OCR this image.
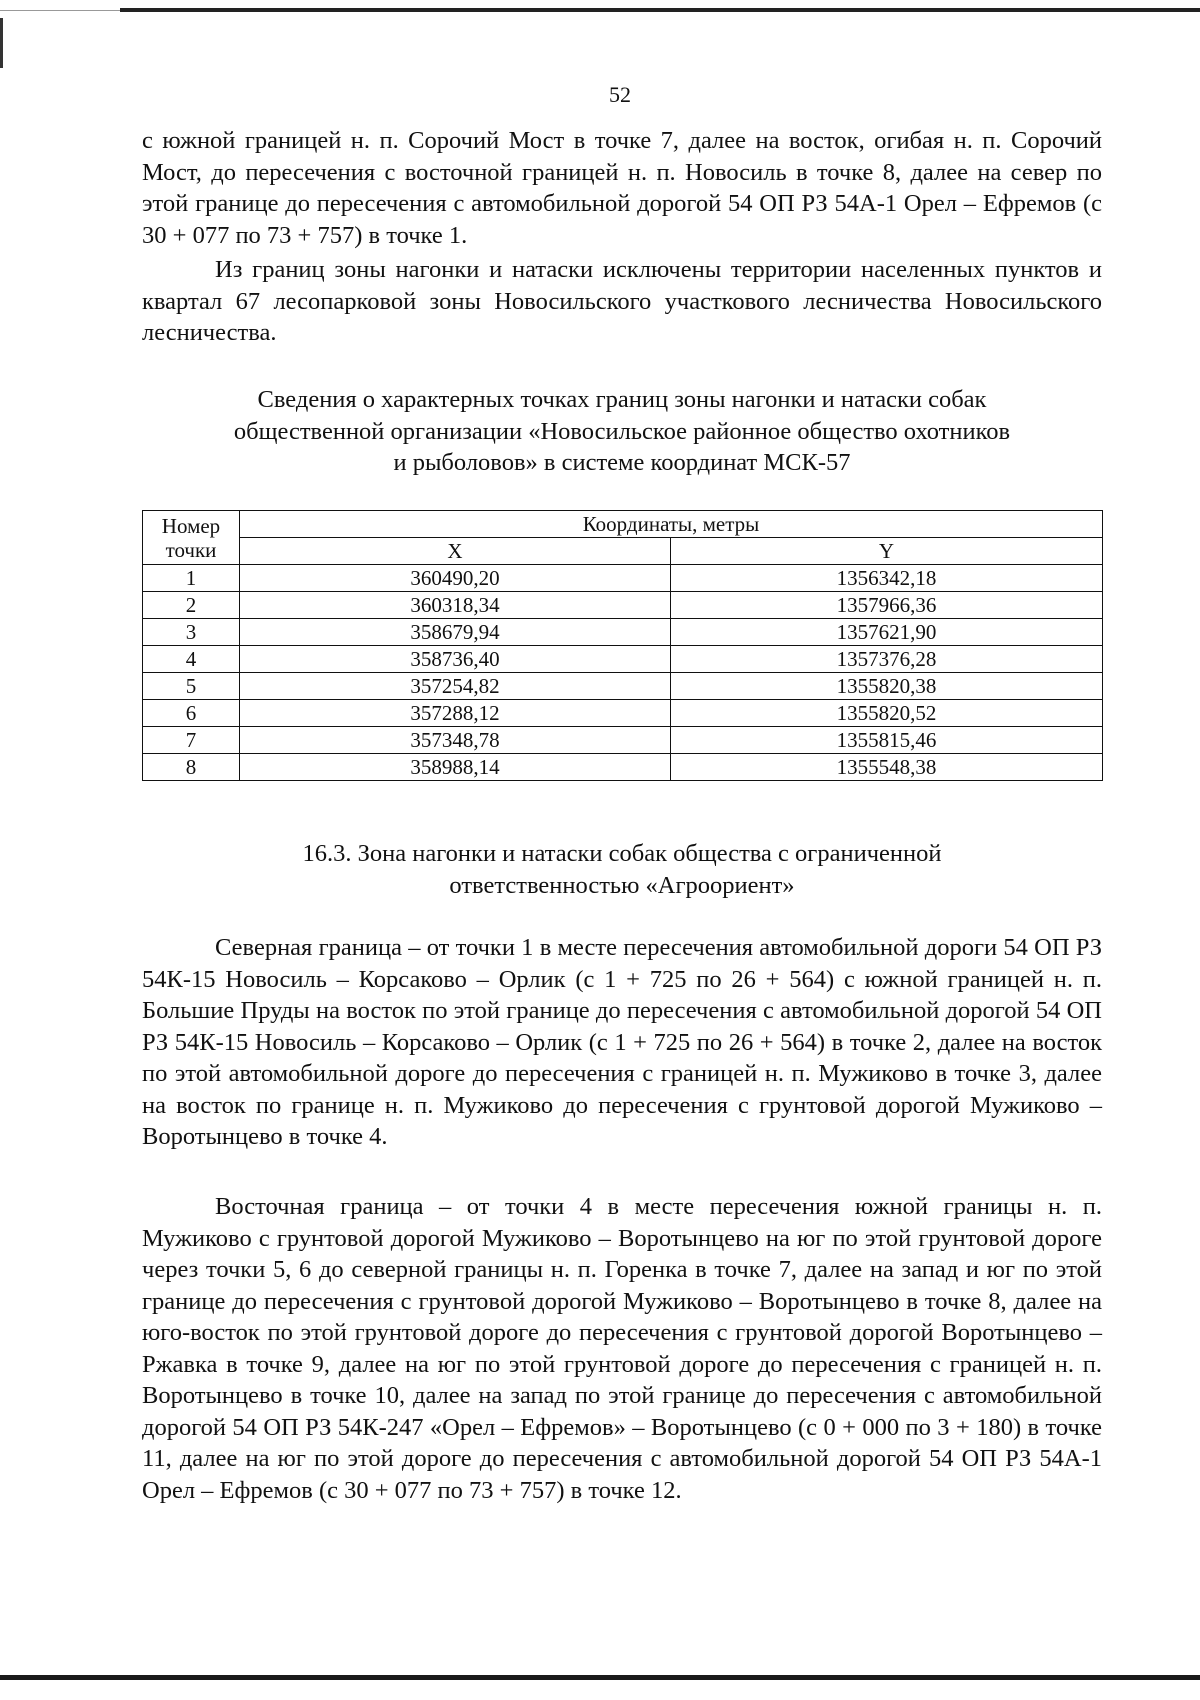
52

с южной границей н. п. Сорочий Мост в точке 7, далее на восток, огибая н. п. Сорочий Мост, до пересечения с восточной границей н. п. Новосиль в точке 8, далее на север по этой границе до пересечения с автомобильной дорогой 54 ОП РЗ 54А-1 Орел – Ефремов (с 30 + 077 по 73 + 757) в точке 1.

Из границ зоны нагонки и натаски исключены территории населенных пунктов и квартал 67 лесопарковой зоны Новосильского участкового лесничества Новосильского лесничества.

Сведения о характерных точках границ зоны нагонки и натаски собак
общественной организации «Новосильское районное общество охотников
и рыболовов» в системе координат МСК-57
Номер
точки	Координаты, метры	
	X	Y
1	360490,20	1356342,18
2	360318,34	1357966,36
3	358679,94	1357621,90
4	358736,40	1357376,28
5	357254,82	1355820,38
6	357288,12	1355820,52
7	357348,78	1355815,46
8	358988,14	1355548,38
16.3. Зона нагонки и натаски собак общества с ограниченной
ответственностью «Агроориент»

Северная граница – от точки 1 в месте пересечения автомобильной дороги 54 ОП РЗ 54К-15 Новосиль – Корсаково – Орлик (с 1 + 725 по 26 + 564) с южной границей н. п. Большие Пруды на восток по этой границе до пересечения с автомобильной дорогой 54 ОП РЗ 54К-15 Новосиль – Корсаково – Орлик (с 1 + 725 по 26 + 564) в точке 2, далее на восток по этой автомобильной дороге до пересечения с границей н. п. Мужиково в точке 3, далее на восток по границе н. п. Мужиково до пересечения с грунтовой дорогой Мужиково – Воротынцево в точке 4.

Восточная граница – от точки 4 в месте пересечения южной границы н. п. Мужиково с грунтовой дорогой Мужиково – Воротынцево на юг по этой грунтовой дороге через точки 5, 6 до северной границы н. п. Горенка в точке 7, далее на запад и юг по этой границе до пересечения с грунтовой дорогой Мужиково – Воротынцево в точке 8, далее на юго-восток по этой грунтовой дороге до пересечения с грунтовой дорогой Воротынцево – Ржавка в точке 9, далее на юг по этой грунтовой дороге до пересечения с границей н. п. Воротынцево в точке 10, далее на запад по этой границе до пересечения с автомобильной дорогой 54 ОП РЗ 54К-247 «Орел – Ефремов» – Воротынцево (с 0 + 000 по 3 + 180) в точке 11, далее на юг по этой дороге до пересечения с автомобильной дорогой 54 ОП РЗ 54А-1 Орел – Ефремов (с 30 + 077 по 73 + 757) в точке 12.
